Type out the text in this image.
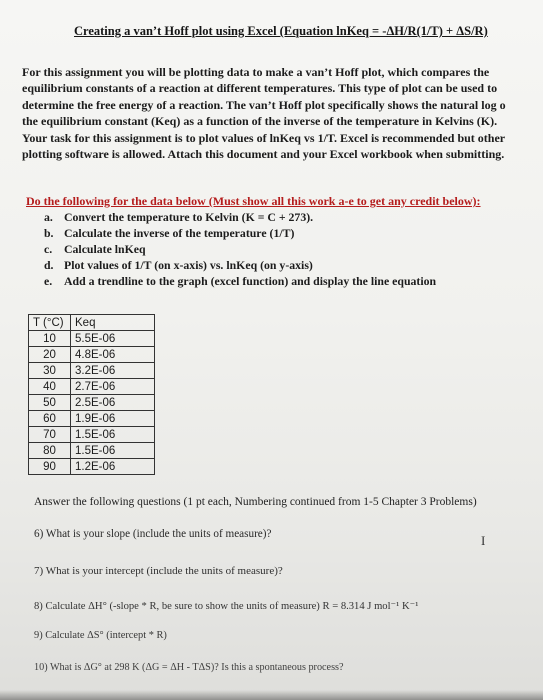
Creating a van’t Hoff plot using Excel (Equation lnKeq = -ΔH/R(1/T) + ΔS/R)

For this assignment you will be plotting data to make a van’t Hoff plot, which compares the

equilibrium constants of a reaction at different temperatures. This type of plot can be used to

determine the free energy of a reaction. The van’t Hoff plot specifically shows the natural log o

the equilibrium constant (Keq) as a function of the inverse of the temperature in Kelvins (K).

Your task for this assignment is to plot values of lnKeq vs 1/T. Excel is recommended but other

plotting software is allowed. Attach this document and your Excel workbook when submitting.

Do the following for the data below (Must show all this work a-e to get any credit below):
a. Convert the temperature to Kelvin (K = C + 273).
b. Calculate the inverse of the temperature (1/T)
c. Calculate lnKeq
d. Plot values of 1/T (on x-axis) vs. lnKeq (on y-axis)
e. Add a trendline to the graph (excel function) and display the line equation
T (°C)	Keq
10	5.5E-06
20	4.8E-06
30	3.2E-06
40	2.7E-06
50	2.5E-06
60	1.9E-06
70	1.5E-06
80	1.5E-06
90	1.2E-06
Answer the following questions (1 pt each, Numbering continued from 1-5 Chapter 3 Problems)
6) What is your slope (include the units of measure)?	I
7) What is your intercept (include the units of measure)?
8) Calculate ΔH° (-slope * R, be sure to show the units of measure) R = 8.314 J mol⁻¹ K⁻¹
9) Calculate ΔS° (intercept * R)
10) What is ΔG° at 298 K (ΔG = ΔH - TΔS)? Is this a spontaneous process?
